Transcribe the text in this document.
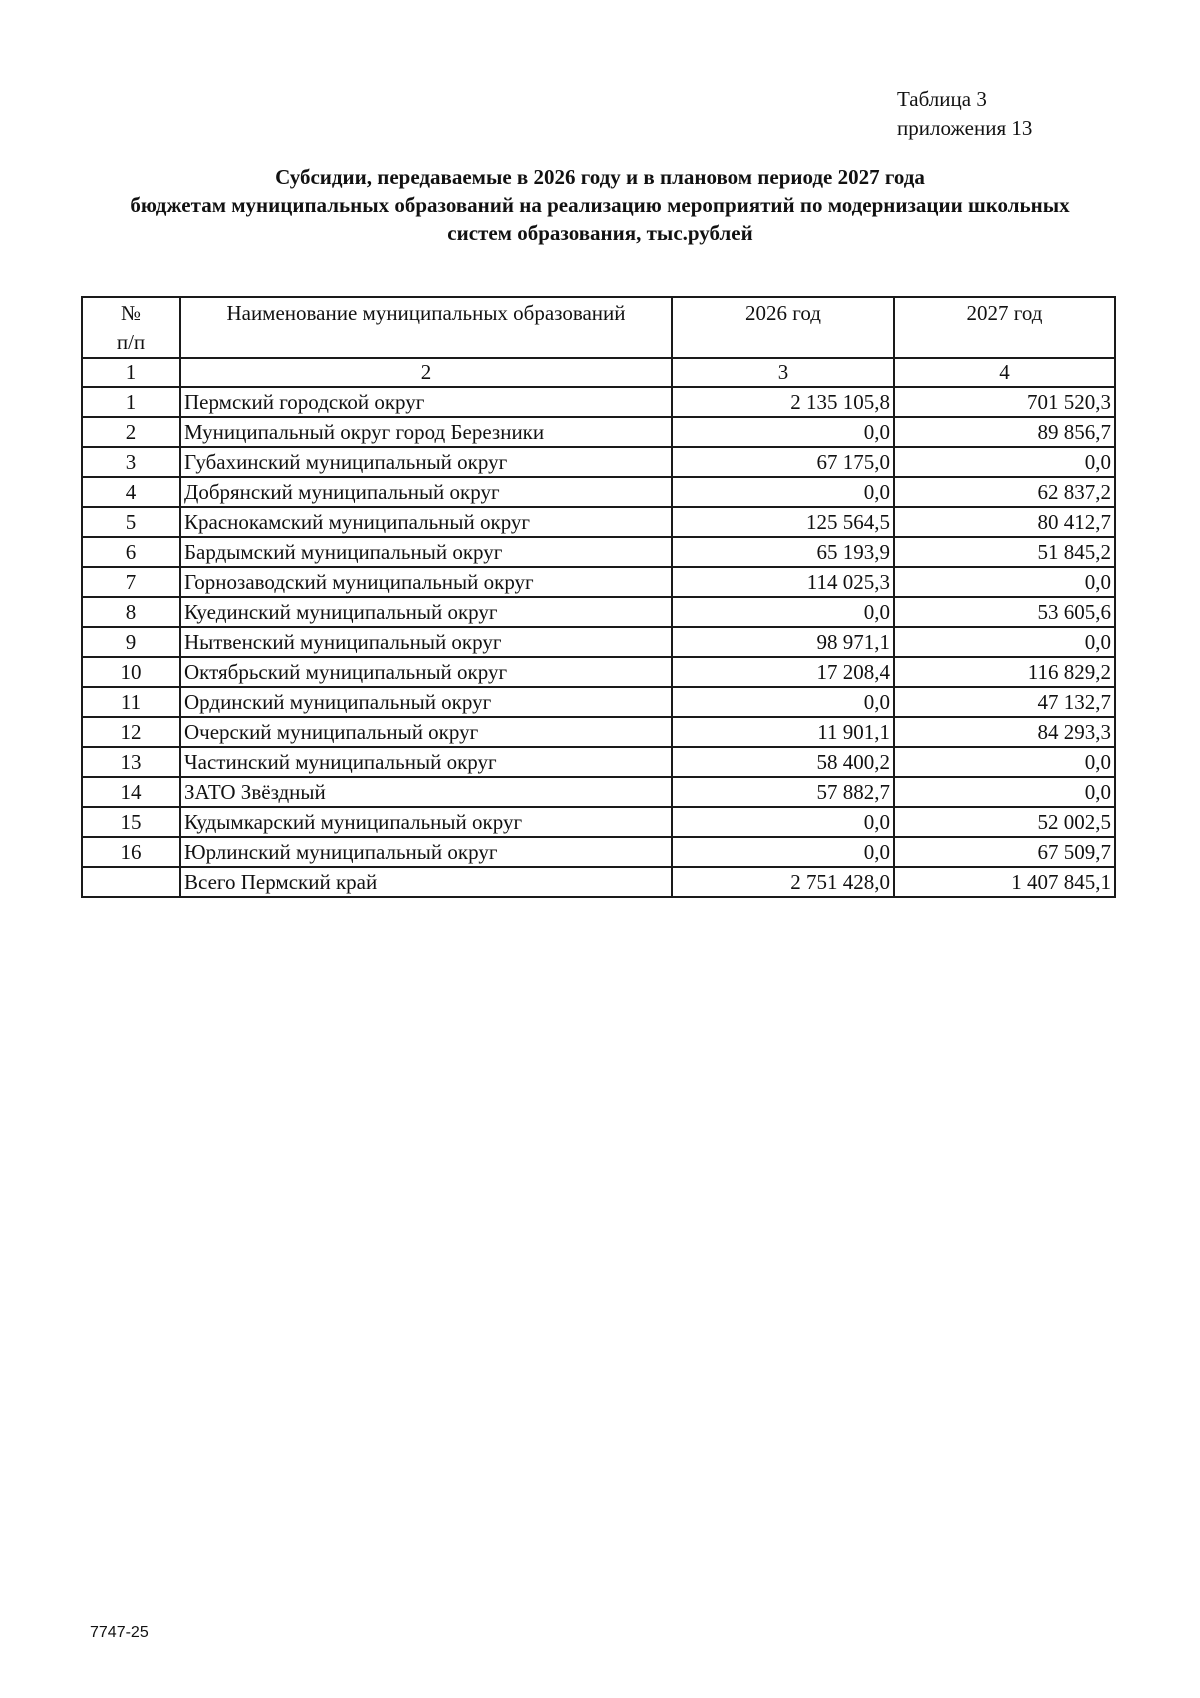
Таблица 3
приложения 13
Субсидии, передаваемые в 2026 году и в плановом периоде 2027 года
бюджетам муниципальных образований на реализацию мероприятий по модернизации школьных
систем образования, тыс.рублей
№
п/п	Наименование муниципальных образований	2026 год	2027 год
1	2	3	4
1	Пермский городской округ	2 135 105,8	701 520,3
2	Муниципальный округ город Березники	0,0	89 856,7
3	Губахинский муниципальный округ	67 175,0	0,0
4	Добрянский муниципальный округ	0,0	62 837,2
5	Краснокамский муниципальный округ	125 564,5	80 412,7
6	Бардымский муниципальный округ	65 193,9	51 845,2
7	Горнозаводский муниципальный округ	114 025,3	0,0
8	Куединский муниципальный округ	0,0	53 605,6
9	Нытвенский муниципальный округ	98 971,1	0,0
10	Октябрьский муниципальный округ	17 208,4	116 829,2
11	Ординский муниципальный округ	0,0	47 132,7
12	Очерский муниципальный округ	11 901,1	84 293,3
13	Частинский муниципальный округ	58 400,2	0,0
14	ЗАТО Звёздный	57 882,7	0,0
15	Кудымкарский муниципальный округ	0,0	52 002,5
16	Юрлинский муниципальный округ	0,0	67 509,7
	Всего Пермский край	2 751 428,0	1 407 845,1
7747-25
